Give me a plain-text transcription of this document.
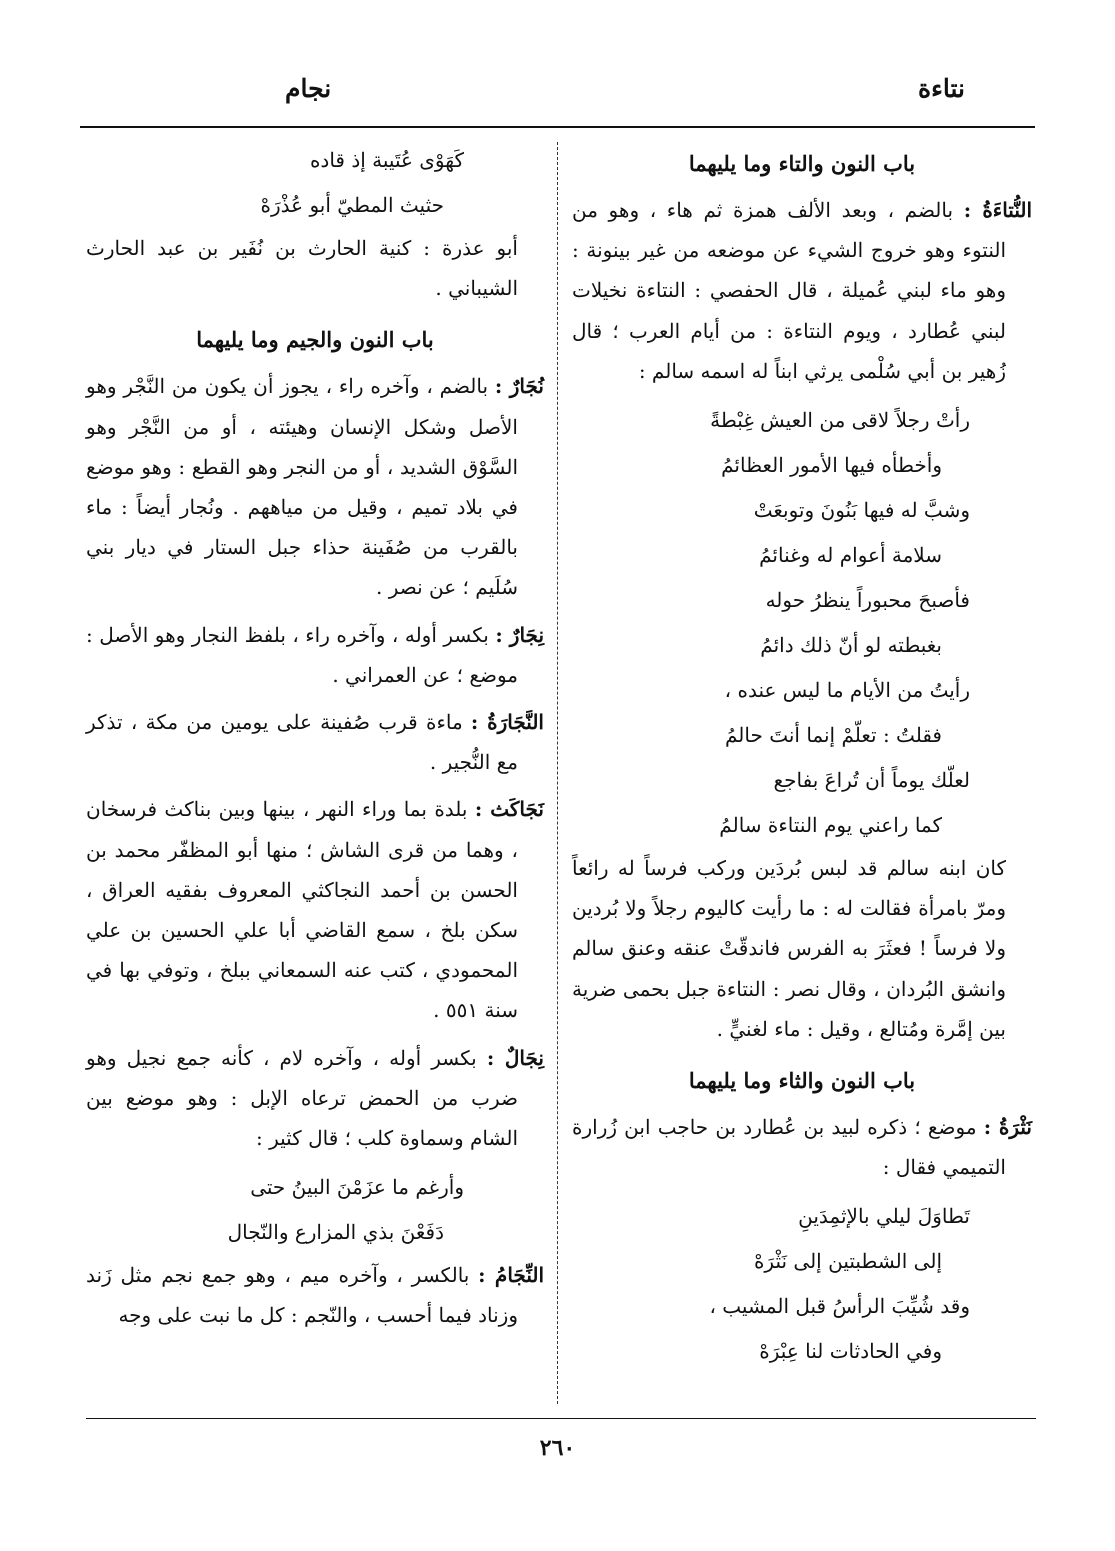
نتاءة
نجام
باب النون والتاء وما يليهما

النُّتاءَةُ : بالضم ، وبعد الألف همزة ثم هاء ، وهو من النتوء وهو خروج الشيء عن موضعه من غير بينونة : وهو ماء لبني عُميلة ، قال الحفصي : النتاءة نخيلات لبني عُطارد ، ويوم النتاءة : من أيام العرب ؛ قال زُهير بن أبي سُلْمى يرثي ابناً له اسمه سالم :

رأتْ رجلاً لاقى من العيش غِبْطةً
وأخطأه فيها الأمور العظائمُ
وشبَّ له فيها بَنُونَ وتوبعَتْ
سلامة أعوام له وغنائمُ
فأصبحَ محبوراً ينظرُ حوله
بغبطته لو أنّ ذلك دائمُ
رأيتُ من الأيام ما ليس عنده ،
فقلتُ : تعلّمْ إنما أنتَ حالمُ
لعلّك يوماً أن تُراعَ بفاجع
كما راعني يوم النتاءة سالمُ

كان ابنه سالم قد لبس بُردَين وركب فرساً له رائعاً ومرّ بامرأة فقالت له : ما رأيت كاليوم رجلاً ولا بُردين ولا فرساً ! فعثَرَ به الفرس فاندقّتْ عنقه وعنق سالم وانشق البُردان ، وقال نصر : النتاءة جبل بحمى ضرية بين إمَّرة ومُتالع ، وقيل : ماء لغنيٍّ .

باب النون والثاء وما يليهما

نَثْرَةُ : موضع ؛ ذكره لبيد بن عُطارد بن حاجب ابن زُرارة التميمي فقال :

تَطاوَلَ ليلي بالإثمِدَينِ
إلى الشطبتين إلى نَثْرَهْ
وقد شُيِّبَ الرأسُ قبل المشيب ،
وفي الحادثات لنا عِبْرَهْ
كَهَوْى عُتَيبة إذ قاده
حثيث المطيّ أبو عُذْرَهْ

أبو عذرة : كنية الحارث بن نُفَير بن عبد الحارث الشيباني .

باب النون والجيم وما يليهما

نُجَارٌ : بالضم ، وآخره راء ، يجوز أن يكون من النَّجْر وهو الأصل وشكل الإنسان وهيئته ، أو من النَّجْر وهو السَّوْق الشديد ، أو من النجر وهو القطع : وهو موضع في بلاد تميم ، وقيل من مياههم . ونُجار أيضاً : ماء بالقرب من صُفَينة حذاء جبل الستار في ديار بني سُلَيم ؛ عن نصر .

نِجَارٌ : بكسر أوله ، وآخره راء ، بلفظ النجار وهو الأصل : موضع ؛ عن العمراني .

النَّجَارَةُ : ماءة قرب صُفينة على يومين من مكة ، تذكر مع النُّجير .

نَجَاكَث : بلدة بما وراء النهر ، بينها وبين بناكث فرسخان ، وهما من قرى الشاش ؛ منها أبو المظفّر محمد بن الحسن بن أحمد النجاكثي المعروف بفقيه العراق ، سكن بلخ ، سمع القاضي أبا علي الحسين بن علي المحمودي ، كتب عنه السمعاني ببلخ ، وتوفي بها في سنة ٥٥١ .

نِجَالٌ : بكسر أوله ، وآخره لام ، كأنه جمع نجيل وهو ضرب من الحمض ترعاه الإبل : وهو موضع بين الشام وسماوة كلب ؛ قال كثير :

وأرغم ما عزَمْنَ البينُ حتى
دَفَعْنَ بذي المزارع والنّجال

النِّجَامُ : بالكسر ، وآخره ميم ، وهو جمع نجم مثل زَند وزناد فيما أحسب ، والنّجم : كل ما نبت على وجه

٢٦٠
